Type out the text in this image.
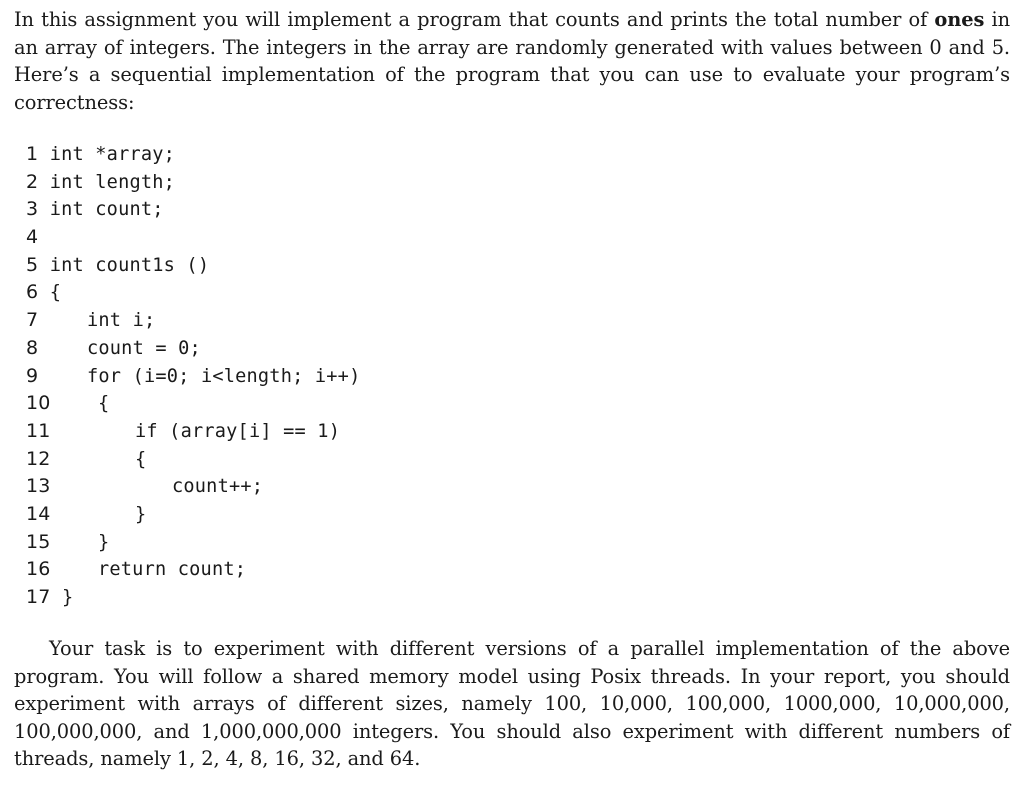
In this assignment you will implement a program that counts and prints the total number of ones in an array of integers. The integers in the array are randomly generated with values between 0 and 5. Here’s a sequential implementation of the program that you can use to evaluate your program’s correctness:

1 int *array;
2 int length;
3 int count;
4
5 int count1s ()
6 {
7	int i;
8	count = 0;
9	for (i=0; i<length; i++)
10	{
11	if (array[i] == 1)
12	{
13	count++;
14	}
15	}
16	return count;
17 }

Your task is to experiment with different versions of a parallel implementation of the above program. You will follow a shared memory model using Posix threads. In your report, you should experiment with arrays of different sizes, namely 100, 10,000, 100,000, 1000,000, 10,000,000, 100,000,000, and 1,000,000,000 integers. You should also experiment with different numbers of threads, namely 1, 2, 4, 8, 16, 32, and 64.
